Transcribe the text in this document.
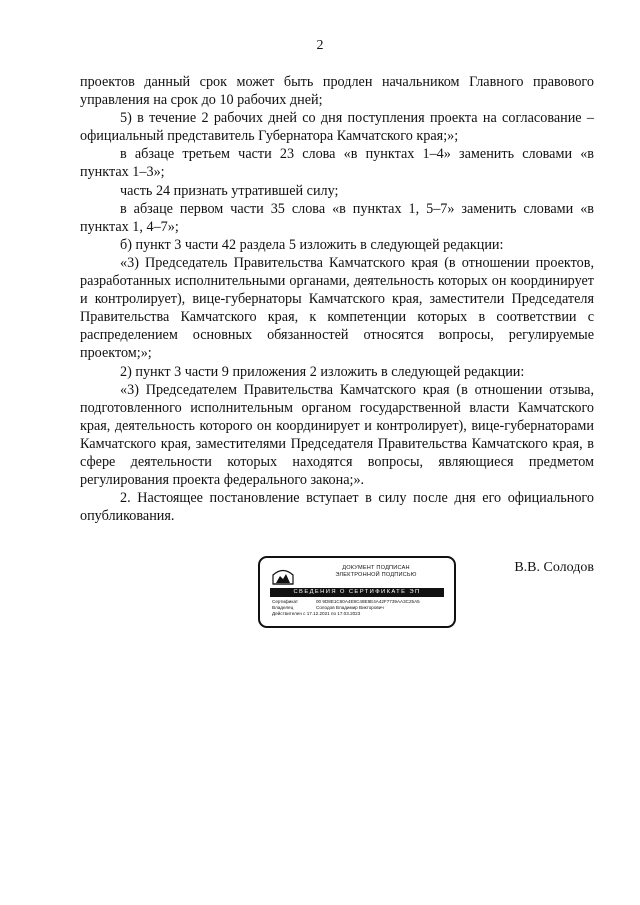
2

проектов данный срок может быть продлен начальником Главного правового управления на срок до 10 рабочих дней;

5) в течение 2 рабочих дней со дня поступления проекта на согласование – официальный представитель Губернатора Камчатского края;»;

в абзаце третьем части 23 слова «в пунктах 1–4» заменить словами «в пунктах 1–3»;

часть 24 признать утратившей силу;

в абзаце первом части 35 слова «в пунктах 1, 5–7» заменить словами «в пунктах 1, 4–7»;

б) пункт 3 части 42 раздела 5 изложить в следующей редакции:

«3) Председатель Правительства Камчатского края (в отношении проектов, разработанных исполнительными органами, деятельность которых он координирует и контролирует), вице-губернаторы Камчатского края, заместители Председателя Правительства Камчатского края, к компетенции которых в соответствии с распределением основных обязанностей относятся вопросы, регулируемые проектом;»;

2) пункт 3 части 9 приложения 2 изложить в следующей редакции:

«3) Председателем Правительства Камчатского края (в отношении отзыва, подготовленного исполнительным органом государственной власти Камчатского края, деятельность которого он координирует и контролирует), вице-губернаторами Камчатского края, заместителями Председателя Правительства Камчатского края, в сфере деятельности которых находятся вопросы, являющиеся предметом регулирования проекта федерального закона;».

2. Настоящее постановление вступает в силу после дня его официального опубликования.

ДОКУМЕНТ ПОДПИСАН
ЭЛЕКТРОННОЙ ПОДПИСЬЮ
СВЕДЕНИЯ О СЕРТИФИКАТЕ ЭП
Сертификат	00 9D8E1C60A4E9C48E8E4A42F7739AA3C25A5
Владелец	Солодов Владимир Викторович
Действителен с 17.12.2021 по 17.03.2023
В.В. Солодов
